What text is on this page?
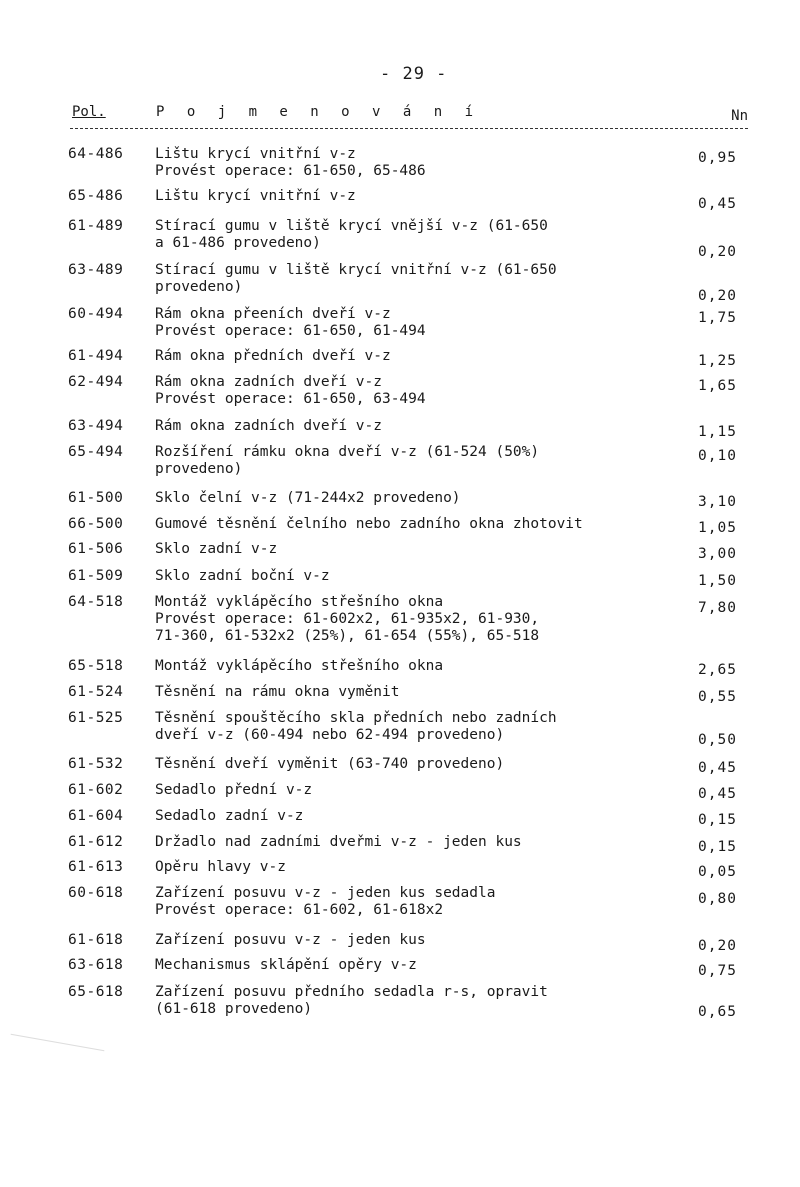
- 29 -
Pol.	P o j m e n o v á n í	Nn
64-486 Lištu krycí vnitřní v-z
Provést operace: 61-650, 65-486
0,95
65-486 Lištu krycí vnitřní v-z	0,45
61-489 Stírací gumu v liště krycí vnější v-z (61-650
a 61-486 provedeno)
0,20
63-489 Stírací gumu v liště krycí vnitřní v-z (61-650
provedeno)
0,20
60-494 Rám okna přeeních dveří v-z
Provést operace: 61-650, 61-494
1,75
61-494 Rám okna předních dveří v-z	1,25
62-494 Rám okna zadních dveří v-z
Provést operace: 61-650, 63-494
1,65
63-494 Rám okna zadních dveří v-z	1,15
65-494 Rozšíření rámku okna dveří v-z (61-524 (50%)
provedeno)
0,10
61-500 Sklo čelní v-z (71-244x2 provedeno)	3,10
66-500 Gumové těsnění čelního nebo zadního okna zhotovit	1,05
61-506 Sklo zadní v-z	3,00
61-509 Sklo zadní boční v-z	1,50
64-518 Montáž vyklápěcího střešního okna
Provést operace: 61-602x2, 61-935x2, 61-930,
71-360, 61-532x2 (25%), 61-654 (55%), 65-518
7,80
65-518 Montáž vyklápěcího střešního okna	2,65
61-524 Těsnění na rámu okna vyměnit	0,55
61-525 Těsnění spouštěcího skla předních nebo zadních
dveří v-z (60-494 nebo 62-494 provedeno)	0,50
61-532 Těsnění dveří vyměnit (63-740 provedeno)	0,45
61-602 Sedadlo přední v-z	0,45
61-604 Sedadlo zadní v-z	0,15
61-612 Držadlo nad zadními dveřmi v-z - jeden kus	0,15
61-613 Opěru hlavy v-z	0,05
60-618 Zařízení posuvu v-z - jeden kus sedadla
Provést operace: 61-602, 61-618x2
0,80
61-618 Zařízení posuvu v-z - jeden kus	0,20
63-618 Mechanismus sklápění opěry v-z	0,75
65-618 Zařízení posuvu předního sedadla r-s, opravit
(61-618 provedeno)	0,65
